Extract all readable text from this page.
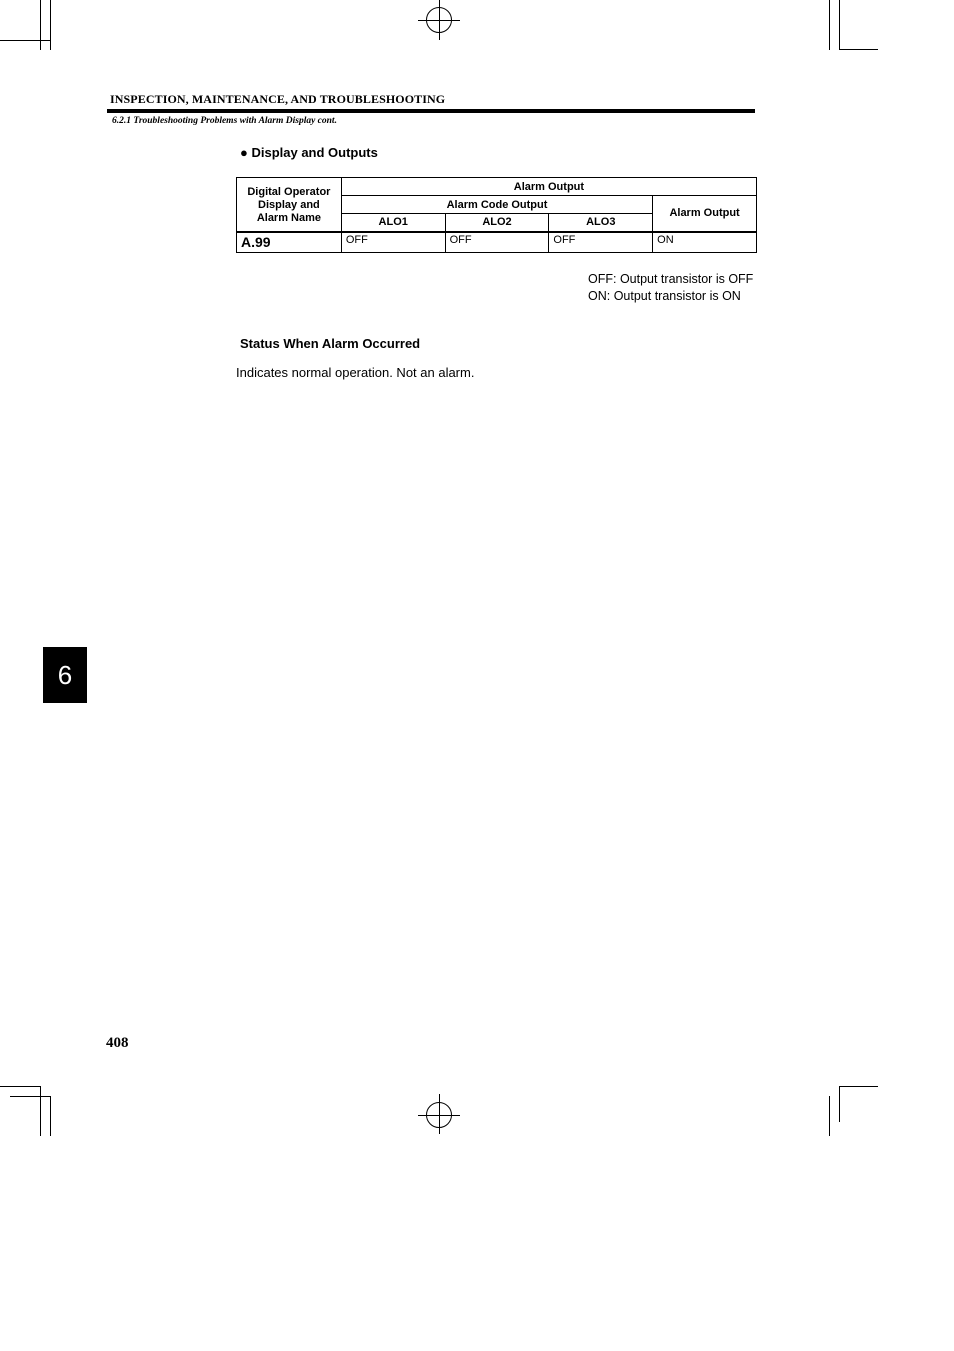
INSPECTION, MAINTENANCE, AND TROUBLESHOOTING
6.2.1 Troubleshooting Problems with Alarm Display cont.
● Display and Outputs
Digital Operator
Display and
Alarm Name	Alarm Output			
	Alarm Code Output			Alarm Output
	ALO1	ALO2	ALO3	
A.99	OFF	OFF	OFF	ON
OFF: Output transistor is OFF
ON: Output transistor is ON
Status When Alarm Occurred
Indicates normal operation. Not an alarm.
6
408
